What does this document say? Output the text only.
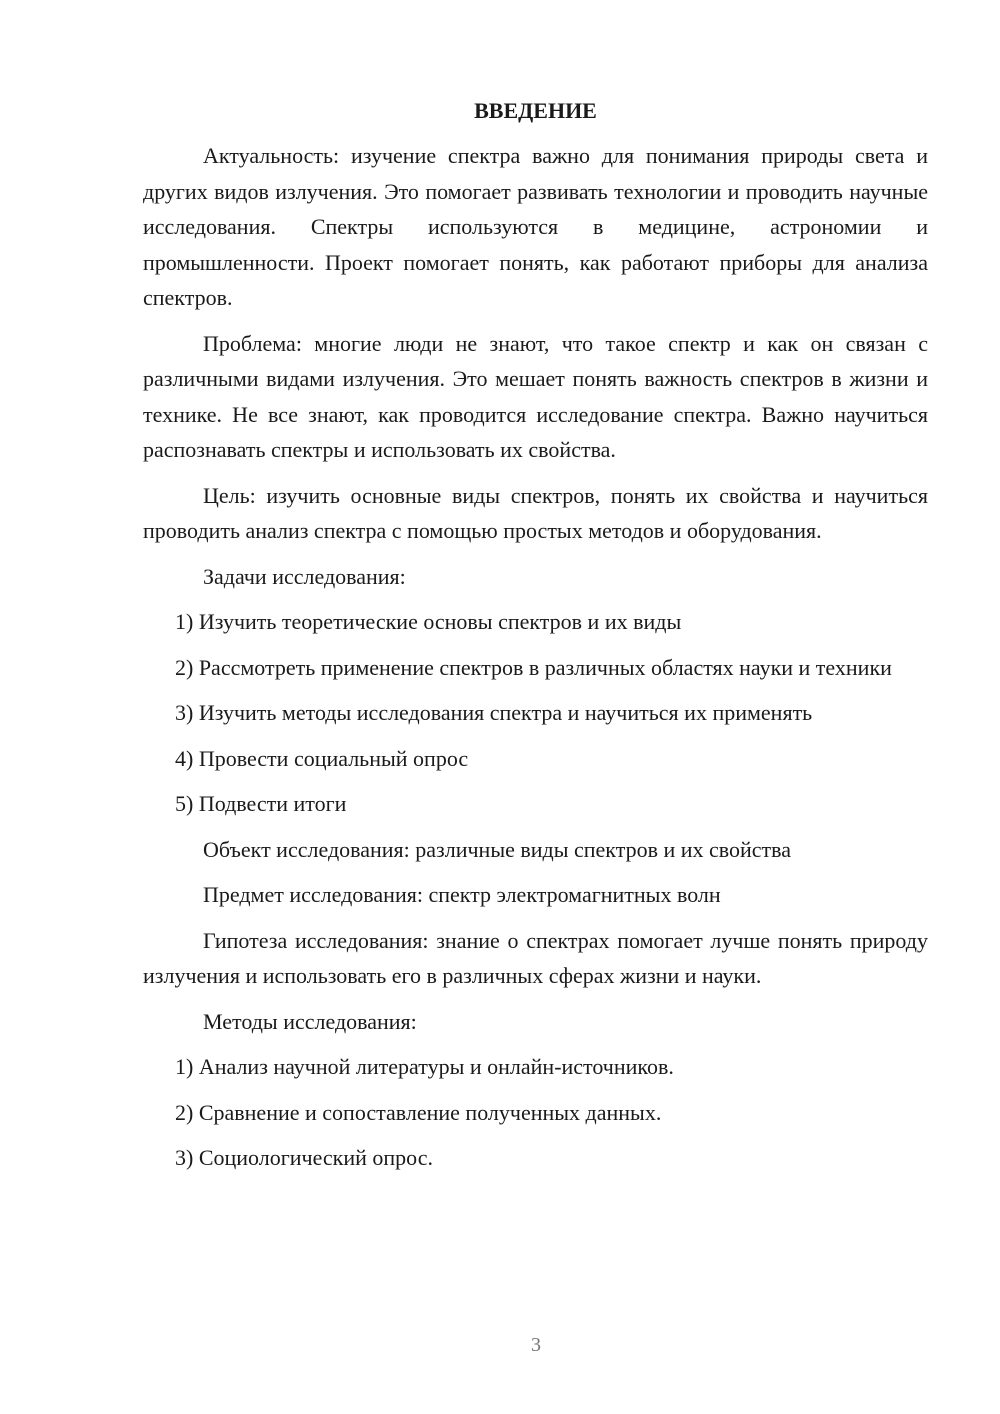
ВВЕДЕНИЕ

Актуальность: изучение спектра важно для понимания природы света и других видов излучения. Это помогает развивать технологии и проводить научные исследования. Спектры используются в медицине, астрономии и промышленности. Проект помогает понять, как работают приборы для анализа спектров.

Проблема: многие люди не знают, что такое спектр и как он связан с различными видами излучения. Это мешает понять важность спектров в жизни и технике. Не все знают, как проводится исследование спектра. Важно научиться распознавать спектры и использовать их свойства.

Цель: изучить основные виды спектров, понять их свойства и научиться проводить анализ спектра с помощью простых методов и оборудования.

Задачи исследования:

1) Изучить теоретические основы спектров и их виды

2) Рассмотреть применение спектров в различных областях науки и техники

3) Изучить методы исследования спектра и научиться их применять

4) Провести социальный опрос

5) Подвести итоги

Объект исследования: различные виды спектров и их свойства

Предмет исследования: спектр электромагнитных волн

Гипотеза исследования: знание о спектрах помогает лучше понять природу излучения и использовать его в различных сферах жизни и науки.

Методы исследования:

1) Анализ научной литературы и онлайн-источников.

2) Сравнение и сопоставление полученных данных.

3) Социологический опрос.

3
